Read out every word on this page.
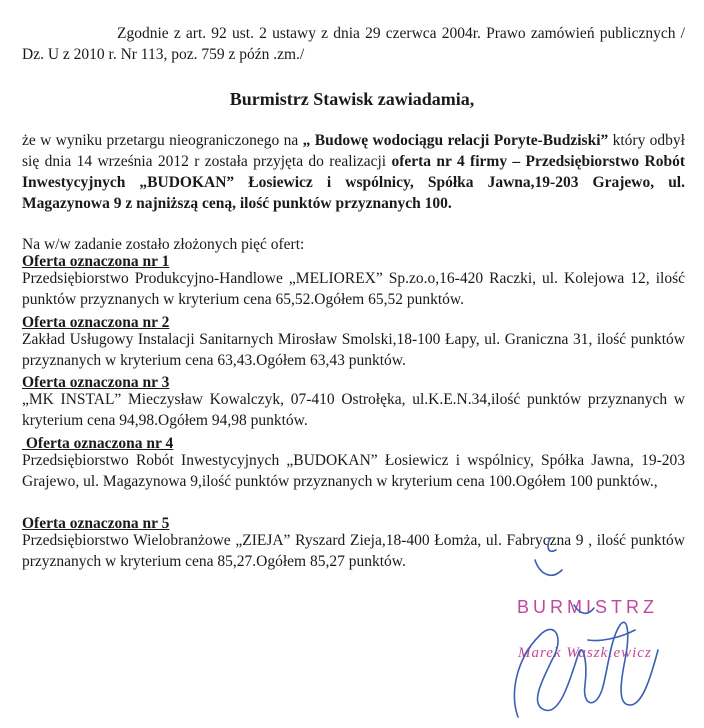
Zgodnie z art. 92 ust. 2 ustawy z dnia 29 czerwca 2004r. Prawo zamówień publicznych / Dz. U z 2010 r. Nr 113, poz. 759 z późn .zm./

Burmistrz Stawisk zawiadamia,

że w wyniku przetargu nieograniczonego na „ Budowę wodociągu relacji Poryte-Budziski” który odbył się dnia 14 września 2012 r została przyjęta do realizacji oferta nr 4 firmy – Przedsiębiorstwo Robót Inwestycyjnych „BUDOKAN” Łosiewicz i wspólnicy, Spółka Jawna,19-203 Grajewo, ul. Magazynowa 9 z najniższą ceną, ilość punktów przyznanych 100.

Na w/w zadanie zostało złożonych pięć ofert:
Oferta oznaczona nr 1

Przedsiębiorstwo Produkcyjno-Handlowe „MELIOREX” Sp.zo.o,16-420 Raczki, ul. Kolejowa 12, ilość punktów przyznanych w kryterium cena 65,52.Ogółem 65,52 punktów.

Oferta oznaczona nr 2

Zakład Usługowy Instalacji Sanitarnych Mirosław Smolski,18-100 Łapy, ul. Graniczna 31, ilość punktów przyznanych w kryterium cena 63,43.Ogółem 63,43 punktów.

Oferta oznaczona nr 3

„MK INSTAL” Mieczysław Kowalczyk, 07-410 Ostrołęka, ul.K.E.N.34,ilość punktów przyznanych w kryterium cena 94,98.Ogółem 94,98 punktów.

Oferta oznaczona nr 4

Przedsiębiorstwo Robót Inwestycyjnych „BUDOKAN” Łosiewicz i wspólnicy, Spółka Jawna, 19-203 Grajewo, ul. Magazynowa 9,ilość punktów przyznanych w kryterium cena 100.Ogółem 100 punktów.,

Oferta oznaczona nr 5

Przedsiębiorstwo Wielobranżowe „ZIEJA” Ryszard Zieja,18-400 Łomża, ul. Fabryczna 9 , ilość punktów przyznanych w kryterium cena 85,27.Ogółem 85,27 punktów.

BURMISTRZ
Marek Waszkiewicz
